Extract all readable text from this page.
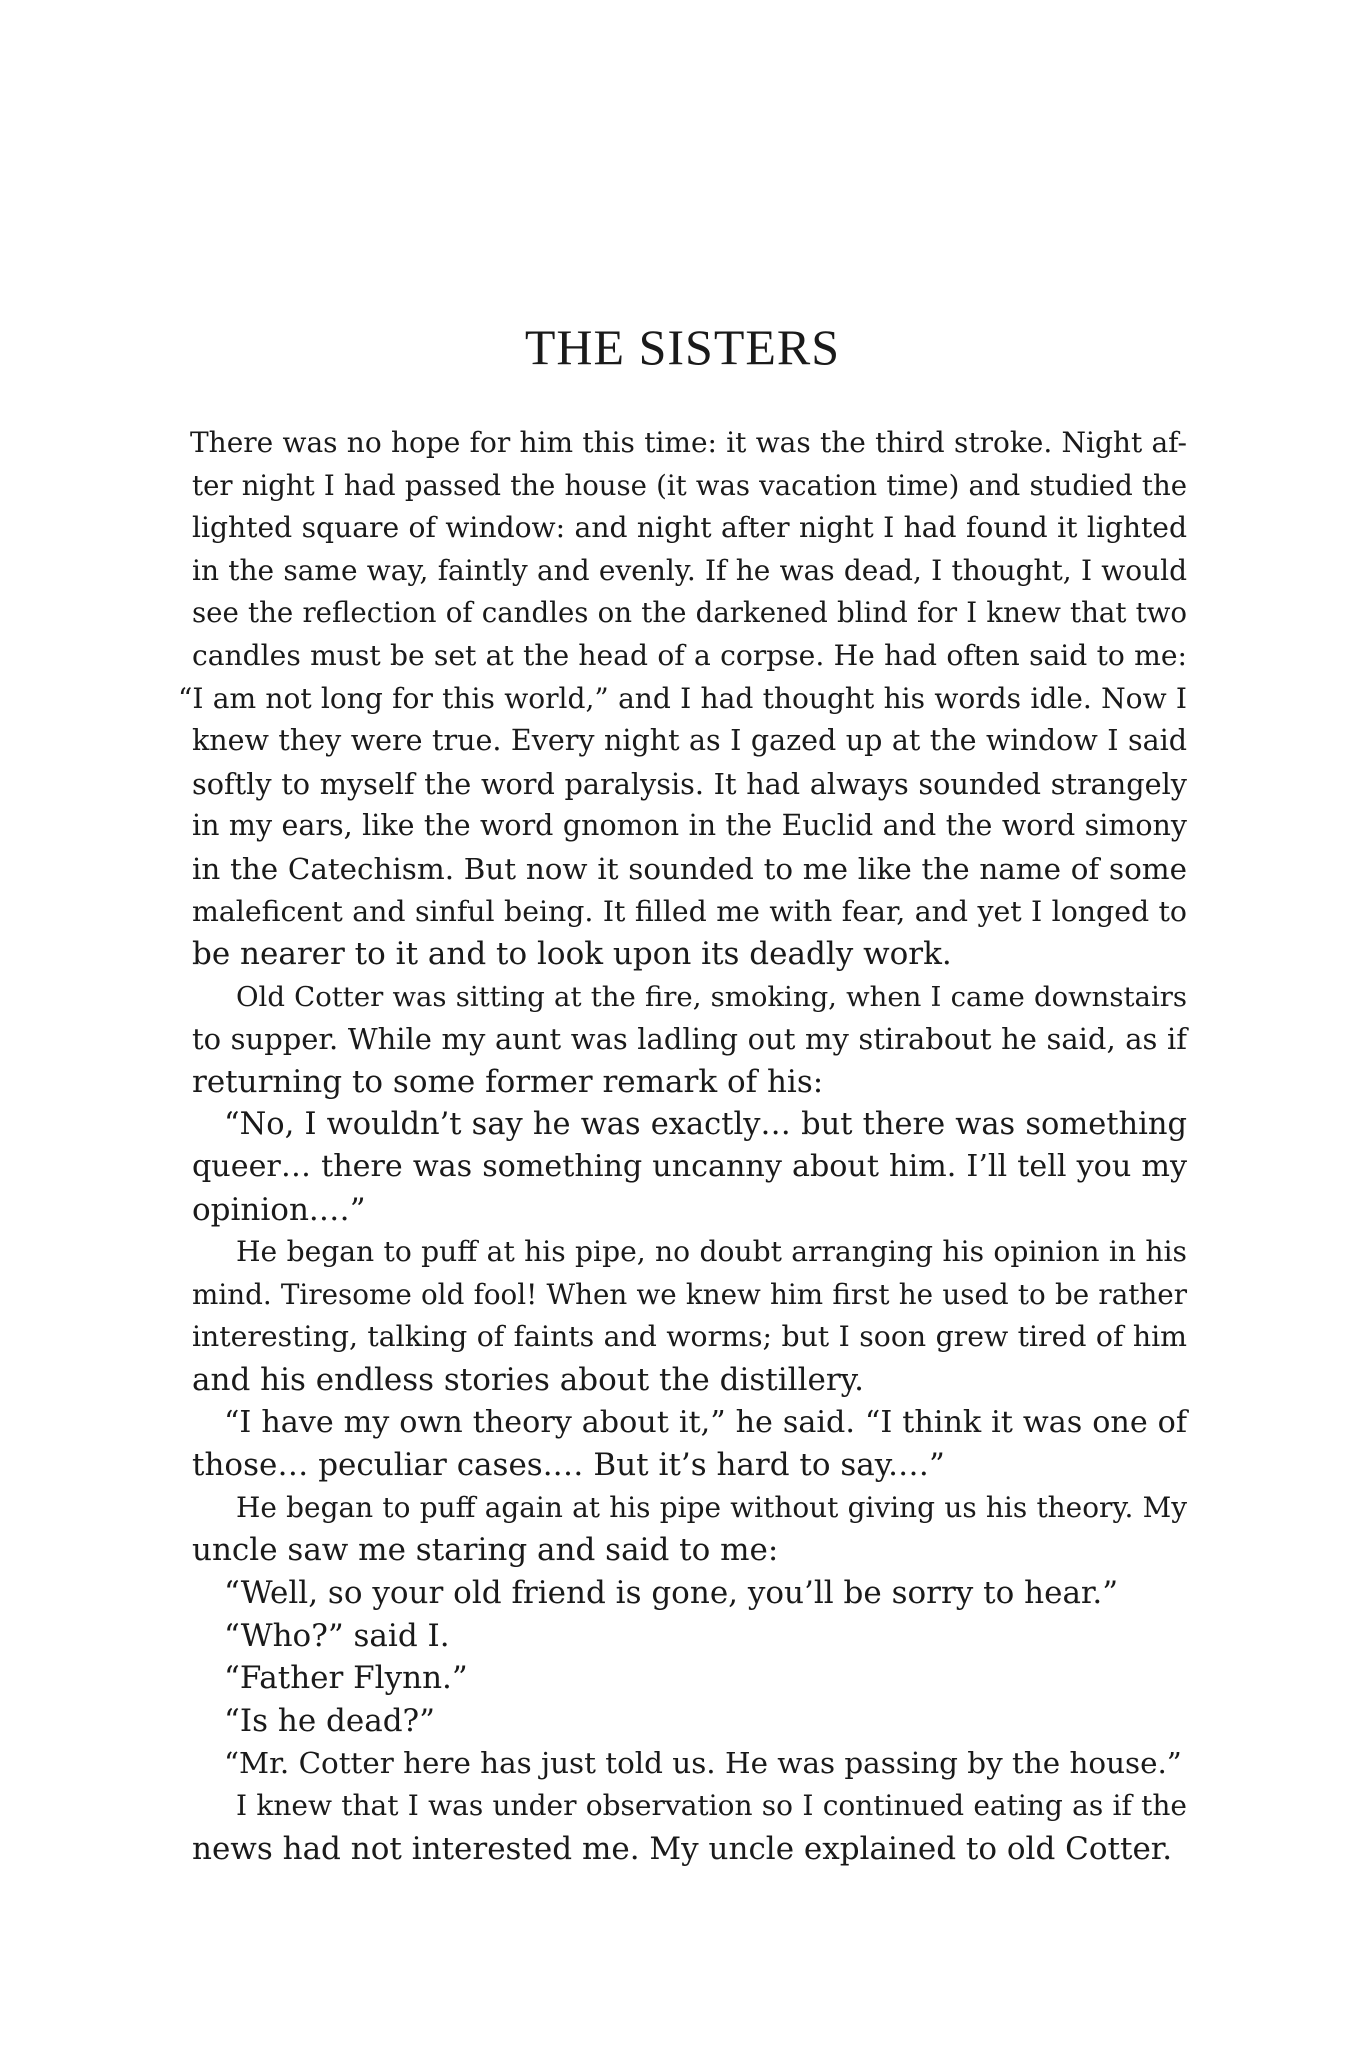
THE SISTERS
There was no hope for him this time: it was the third stroke. Night af-
ter night I had passed the house (it was vacation time) and studied the
lighted square of window: and night after night I had found it lighted
in the same way, faintly and evenly. If he was dead, I thought, I would
see the reflection of candles on the darkened blind for I knew that two
candles must be set at the head of a corpse. He had often said to me:
“I am not long for this world,” and I had thought his words idle. Now I
knew they were true. Every night as I gazed up at the window I said
softly to myself the word paralysis. It had always sounded strangely
in my ears, like the word gnomon in the Euclid and the word simony
in the Catechism. But now it sounded to me like the name of some
maleficent and sinful being. It filled me with fear, and yet I longed to
be nearer to it and to look upon its deadly work.
Old Cotter was sitting at the fire, smoking, when I came downstairs
to supper. While my aunt was ladling out my stirabout he said, as if
returning to some former remark of his:
“No, I wouldn’t say he was exactly… but there was something
queer… there was something uncanny about him. I’ll tell you my
opinion.…”
He began to puff at his pipe, no doubt arranging his opinion in his
mind. Tiresome old fool! When we knew him first he used to be rather
interesting, talking of faints and worms; but I soon grew tired of him
and his endless stories about the distillery.
“I have my own theory about it,” he said. “I think it was one of
those… peculiar cases.… But it’s hard to say.…”
He began to puff again at his pipe without giving us his theory. My
uncle saw me staring and said to me:
“Well, so your old friend is gone, you’ll be sorry to hear.”
“Who?” said I.
“Father Flynn.”
“Is he dead?”
“Mr. Cotter here has just told us. He was passing by the house.”
I knew that I was under observation so I continued eating as if the
news had not interested me. My uncle explained to old Cotter.
